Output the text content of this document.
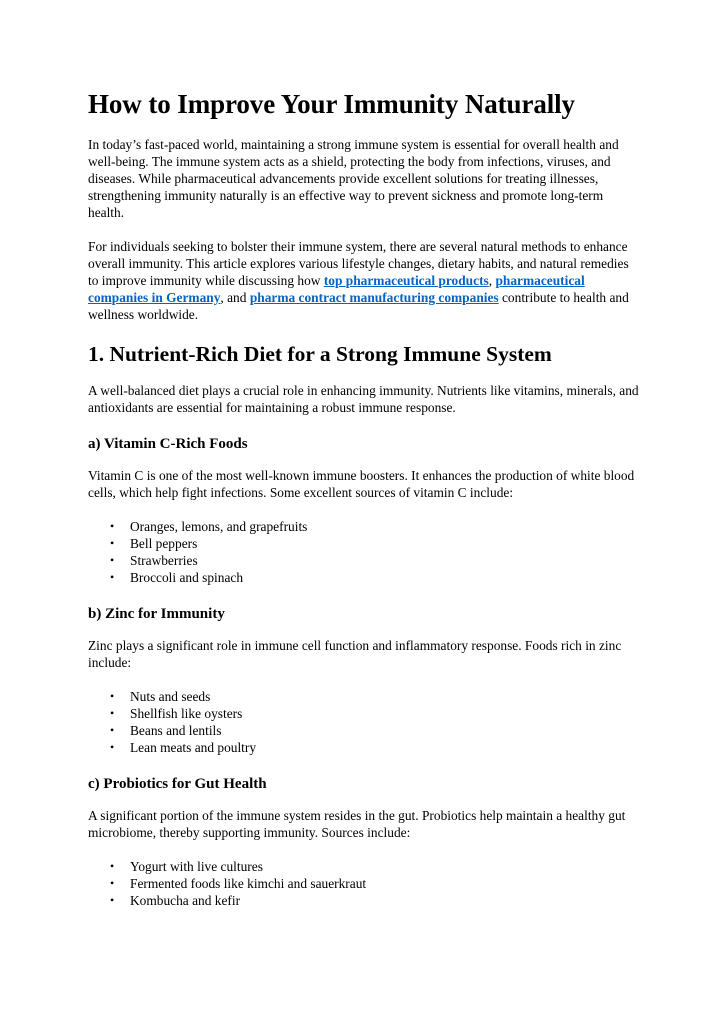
How to Improve Your Immunity Naturally

In today’s fast-paced world, maintaining a strong immune system is essential for overall health and well-being. The immune system acts as a shield, protecting the body from infections, viruses, and diseases. While pharmaceutical advancements provide excellent solutions for treating illnesses, strengthening immunity naturally is an effective way to prevent sickness and promote long-term health.

For individuals seeking to bolster their immune system, there are several natural methods to enhance overall immunity. This article explores various lifestyle changes, dietary habits, and natural remedies to improve immunity while discussing how top pharmaceutical products, pharmaceutical companies in Germany, and pharma contract manufacturing companies contribute to health and wellness worldwide.

1. Nutrient-Rich Diet for a Strong Immune System

A well-balanced diet plays a crucial role in enhancing immunity. Nutrients like vitamins, minerals, and antioxidants are essential for maintaining a robust immune response.

a) Vitamin C-Rich Foods

Vitamin C is one of the most well-known immune boosters. It enhances the production of white blood cells, which help fight infections. Some excellent sources of vitamin C include:

• Oranges, lemons, and grapefruits
• Bell peppers
• Strawberries
• Broccoli and spinach
b) Zinc for Immunity

Zinc plays a significant role in immune cell function and inflammatory response. Foods rich in zinc include:

• Nuts and seeds
• Shellfish like oysters
• Beans and lentils
• Lean meats and poultry
c) Probiotics for Gut Health

A significant portion of the immune system resides in the gut. Probiotics help maintain a healthy gut microbiome, thereby supporting immunity. Sources include:

• Yogurt with live cultures
• Fermented foods like kimchi and sauerkraut
• Kombucha and kefir
